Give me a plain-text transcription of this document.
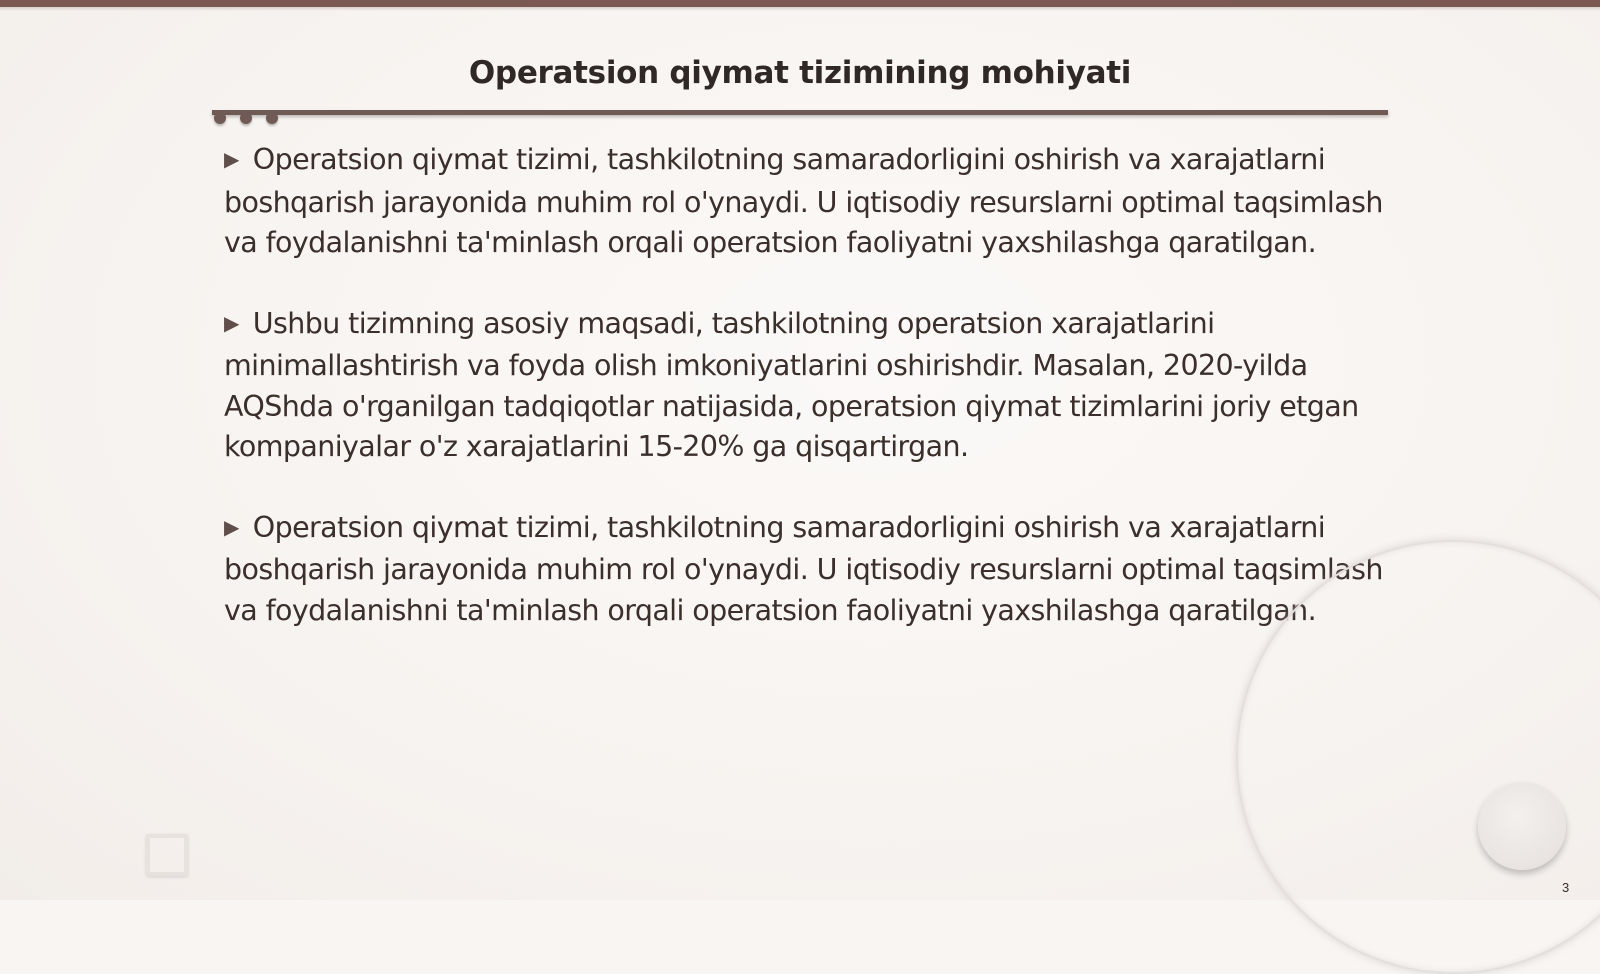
Operatsion qiymat tizimining mohiyati

▶ Operatsion qiymat tizimi, tashkilotning samaradorligini oshirish va xarajatlarni boshqarish jarayonida muhim rol o'ynaydi. U iqtisodiy resurslarni optimal taqsimlash va foydalanishni ta'minlash orqali operatsion faoliyatni yaxshilashga qaratilgan.

▶ Ushbu tizimning asosiy maqsadi, tashkilotning operatsion xarajatlarini minimallashtirish va foyda olish imkoniyatlarini oshirishdir. Masalan, 2020-yilda AQShda o'rganilgan tadqiqotlar natijasida, operatsion qiymat tizimlarini joriy etgan kompaniyalar o'z xarajatlarini 15-20% ga qisqartirgan.

▶ Operatsion qiymat tizimi, tashkilotning samaradorligini oshirish va xarajatlarni boshqarish jarayonida muhim rol o'ynaydi. U iqtisodiy resurslarni optimal taqsimlash va foydalanishni ta'minlash orqali operatsion faoliyatni yaxshilashga qaratilgan.

3
